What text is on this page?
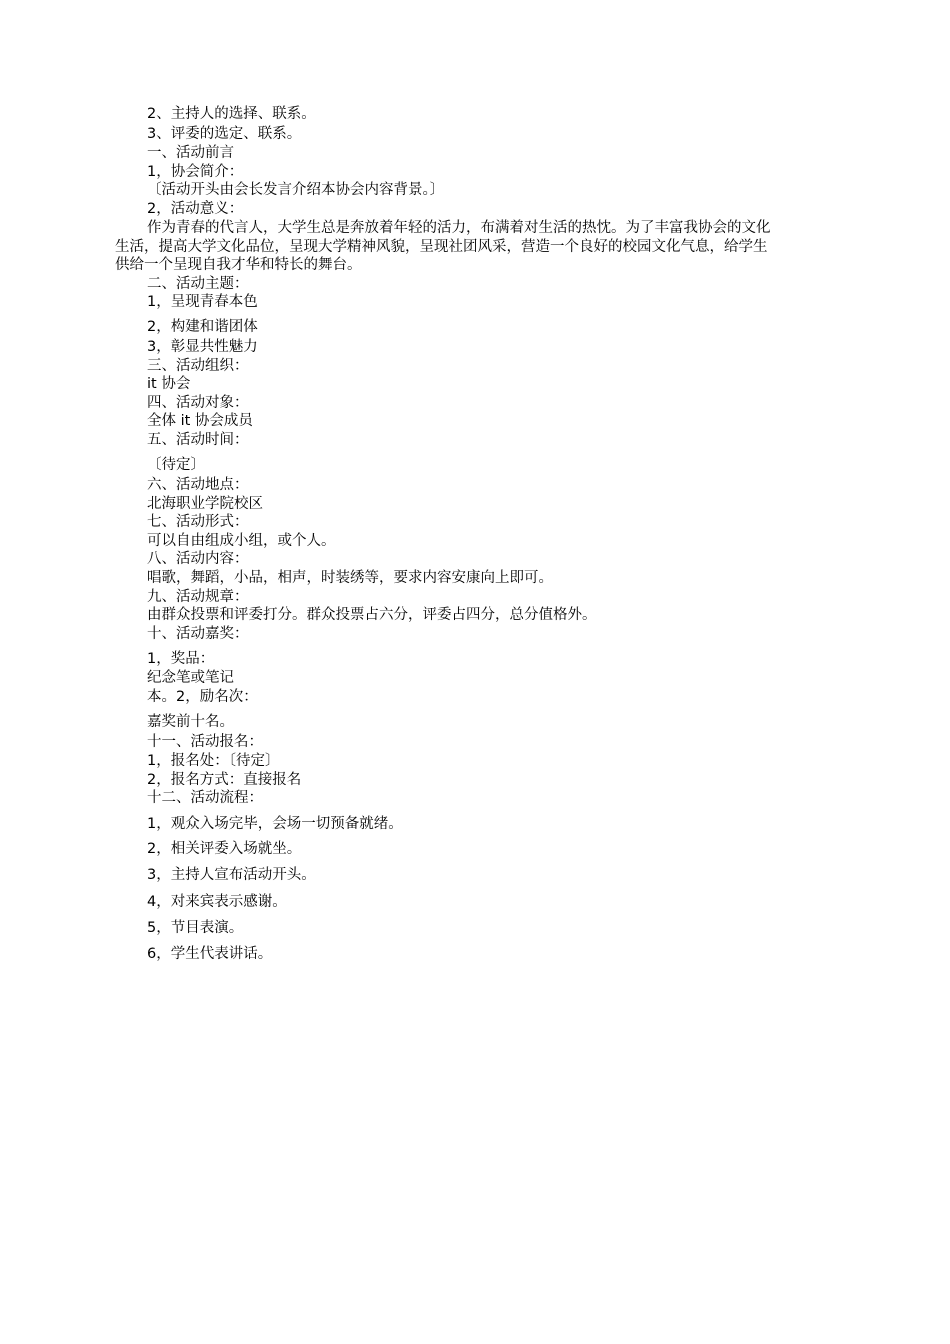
2、主持人的选择、联系。
3、评委的选定、联系。
一、活动前言
1，协会简介：
〔活动开头由会长发言介绍本协会内容背景。〕
2，活动意义：
作为青春的代言人，大学生总是奔放着年轻的活力，布满着对生活的热忱。为了丰富我协会的文化
生活，提高大学文化品位，呈现大学精神风貌，呈现社团风采，营造一个良好的校园文化气息，给学生
供给一个呈现自我才华和特长的舞台。
二、活动主题：
1，呈现青春本色
2，构建和谐团体
3，彰显共性魅力
三、活动组织：
it 协会
四、活动对象：
全体 it 协会成员
五、活动时间：
〔待定〕
六、活动地点：
北海职业学院校区
七、活动形式：
可以自由组成小组，或个人。
八、活动内容：
唱歌，舞蹈，小品，相声，时装绣等，要求内容安康向上即可。
九、活动规章：
由群众投票和评委打分。群众投票占六分，评委占四分，总分值格外。
十、活动嘉奖：
1，奖品：
纪念笔或笔记
本。2，励名次：
嘉奖前十名。
十一、活动报名：
1，报名处：〔待定〕
2，报名方式：直接报名
十二、活动流程：
1，观众入场完毕，会场一切预备就绪。
2，相关评委入场就坐。
3，主持人宣布活动开头。
4，对来宾表示感谢。
5，节目表演。
6，学生代表讲话。
